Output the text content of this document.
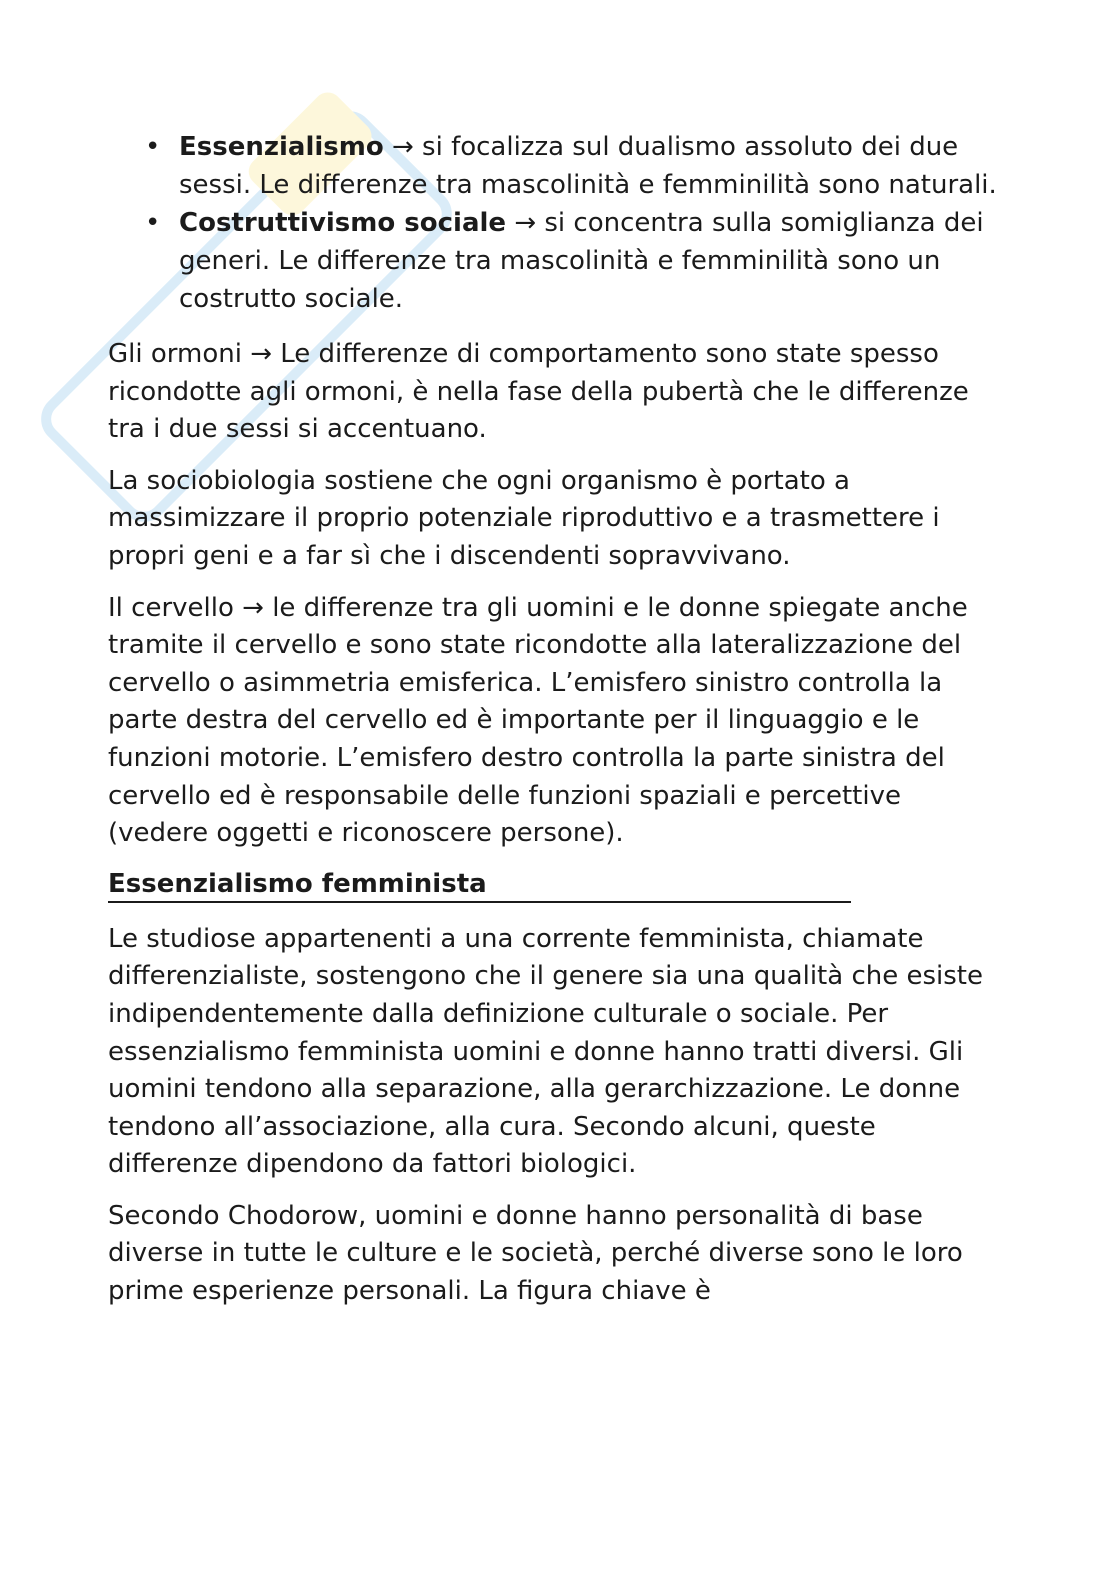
• Essenzialismo → si focalizza sul dualismo assoluto dei due sessi. Le differenze tra mascolinità e femminilità sono naturali.
• Costruttivismo sociale → si concentra sulla somiglianza dei generi. Le differenze tra mascolinità e femminilità sono un costrutto sociale.

Gli ormoni → Le differenze di comportamento sono state spesso ricondotte agli ormoni, è nella fase della pubertà che le differenze tra i due sessi si accentuano.

La sociobiologia sostiene che ogni organismo è portato a massimizzare il proprio potenziale riproduttivo e a trasmettere i propri geni e a far sì che i discendenti sopravvivano.

Il cervello → le differenze tra gli uomini e le donne spiegate anche tramite il cervello e sono state ricondotte alla lateralizzazione del cervello o asimmetria emisferica. L’emisfero sinistro controlla la parte destra del cervello ed è importante per il linguaggio e le funzioni motorie. L’emisfero destro controlla la parte sinistra del cervello ed è responsabile delle funzioni spaziali e percettive (vedere oggetti e riconoscere persone).

Essenzialismo femminista

Le studiose appartenenti a una corrente femminista, chiamate differenzialiste, sostengono che il genere sia una qualità che esiste indipendentemente dalla definizione culturale o sociale. Per essenzialismo femminista uomini e donne hanno tratti diversi. Gli uomini tendono alla separazione, alla gerarchizzazione. Le donne tendono all’associazione, alla cura. Secondo alcuni, queste differenze dipendono da fattori biologici.

Secondo Chodorow, uomini e donne hanno personalità di base diverse in tutte le culture e le società, perché diverse sono le loro prime esperienze personali. La figura chiave è
